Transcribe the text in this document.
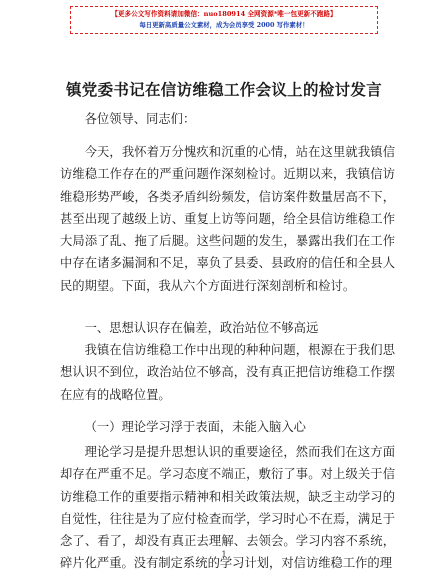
【更多公文写作资料请加微信：nuo180914 全网资源*唯一包更新不跑路】
每日更新高质量公文素材，成为会员享受 2000 写作素材！
镇党委书记在信访维稳工作会议上的检讨发言

各位领导、同志们：

今天，我怀着万分愧疚和沉重的心情，站在这里就我镇信访维稳工作存在的严重问题作深刻检讨。近期以来，我镇信访维稳形势严峻，各类矛盾纠纷频发，信访案件数量居高不下，甚至出现了越级上访、重复上访等问题，给全县信访维稳工作大局添了乱、拖了后腿。这些问题的发生，暴露出我们在工作中存在诸多漏洞和不足，辜负了县委、县政府的信任和全县人民的期望。下面，我从六个方面进行深刻剖析和检讨。

一、思想认识存在偏差，政治站位不够高远

我镇在信访维稳工作中出现的种种问题，根源在于我们思想认识不到位，政治站位不够高，没有真正把信访维稳工作摆在应有的战略位置。

（一）理论学习浮于表面，未能入脑入心

理论学习是提升思想认识的重要途径，然而我们在这方面却存在严重不足。学习态度不端正，敷衍了事。对上级关于信访维稳工作的重要指示精神和相关政策法规，缺乏主动学习的自觉性，往往是为了应付检查而学，学习时心不在焉，满足于念了、看了，却没有真正去理解、去领会。学习内容不系统，碎片化严重。没有制定系统的学习计划，对信访维稳工作的理

1
